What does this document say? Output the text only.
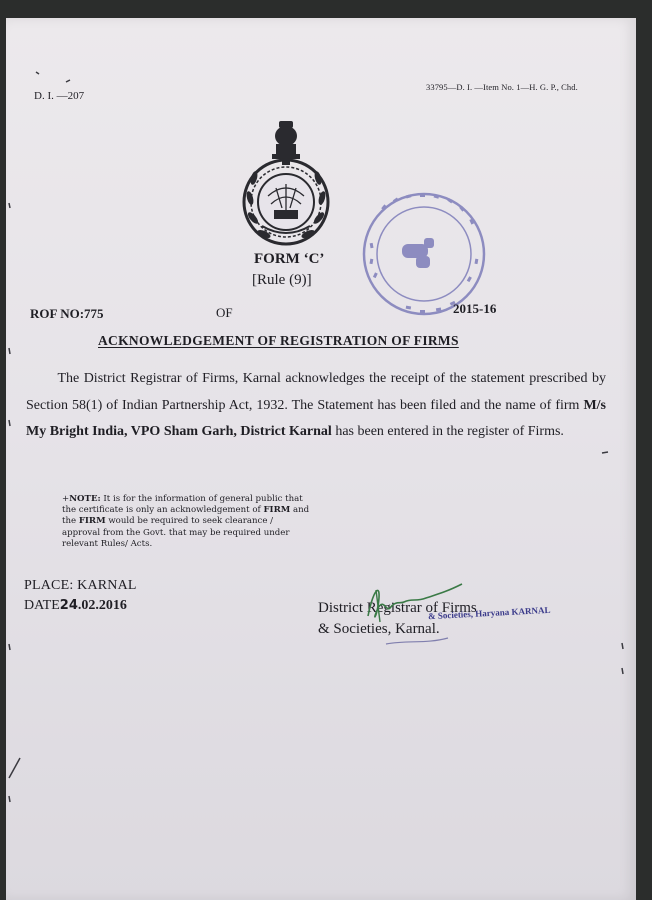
D. I. —207
33795—D. I. —Item No. 1—H. G. P., Chd.
FORM ‘C’
[Rule (9)]
ROF NO:775	OF	2015-16
ACKNOWLEDGEMENT OF REGISTRATION OF FIRMS
The District Registrar of Firms, Karnal acknowledges the receipt of the statement prescribed by Section 58(1) of Indian Partnership Act, 1932. The Statement has been filed and the name of firm M/s My Bright India, VPO Sham Garh, District Karnal has been entered in the register of Firms.
+NOTE: It is for the information of general public that the certificate is only an acknowledgement of FIRM and the FIRM would be required to seek clearance / approval from the Govt. that may be required under relevant Rules/ Acts.
PLACE: KARNAL
DATE24.02.2016	District Registrar of Firms
& Societies, Karnal.
& Societies, Haryana KARNAL
